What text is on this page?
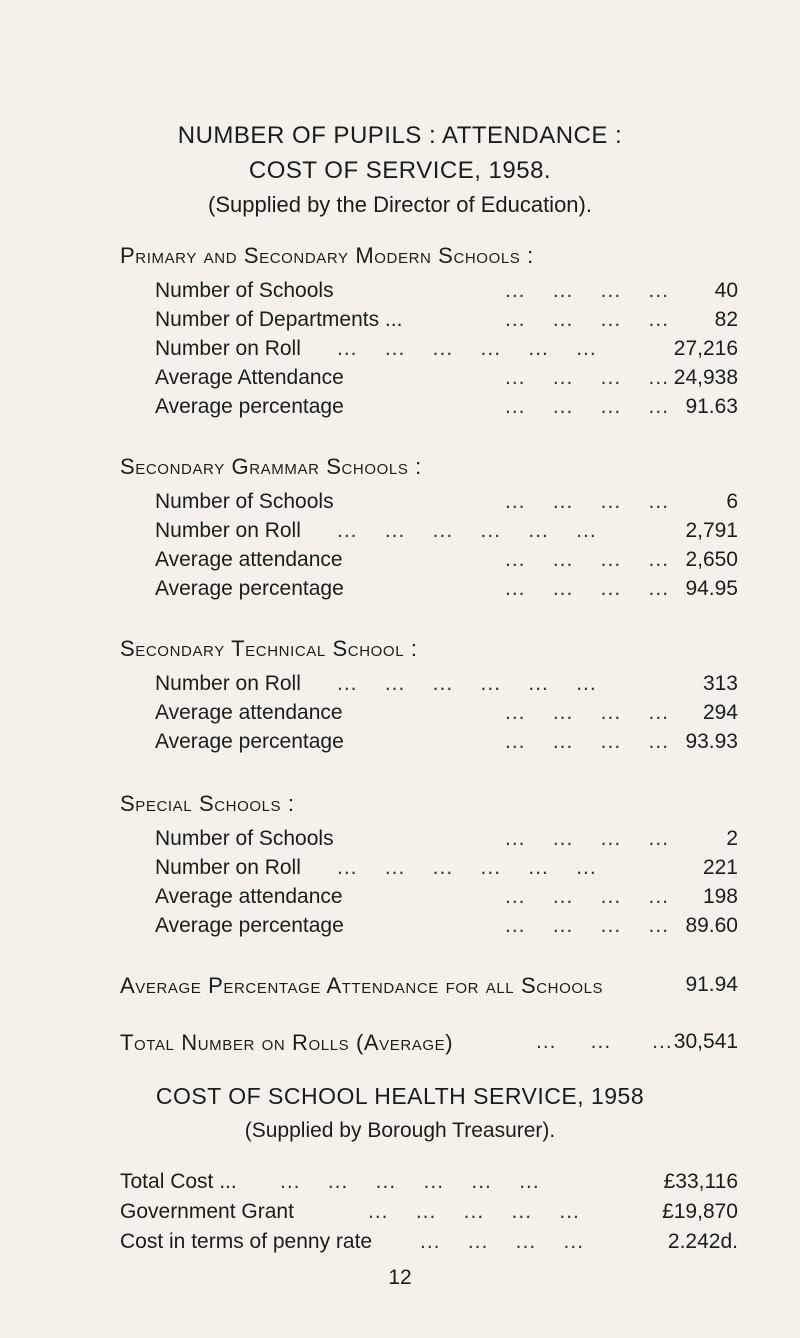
NUMBER OF PUPILS : ATTENDANCE :
COST OF SERVICE, 1958.
(Supplied by the Director of Education).
Primary and Secondary Modern Schools :
Number of Schools	...    ...    ...    ... 40
Number of Departments ...	...    ...    ...    ... 82
Number on Roll ...    ...    ...    ...    ...    ...	27,216
Average Attendance	...    ...    ...    ... 24,938
Average percentage	...    ...    ...    ... 91.63
Secondary Grammar Schools :
Number of Schools	...    ...    ...    ...	6
Number on Roll ...    ...    ...    ...    ...    ...	2,791
Average attendance	...    ...    ...    ... 2,650
Average percentage	...    ...    ...    ... 94.95
Secondary Technical School :
Number on Roll ...    ...    ...    ...    ...    ...	313
Average attendance	...    ...    ...    ... 294
Average percentage	...    ...    ...    ... 93.93
Special Schools :
Number of Schools	...    ...    ...    ...	2
Number on Roll ...    ...    ...    ...    ...    ...	221
Average attendance	...    ...    ...    ... 198
Average percentage	...    ...    ...    ... 89.60
Average Percentage Attendance for all Schools	91.94
Total Number on Rolls (Average)	...     ...      ... 30,541
COST OF SCHOOL HEALTH SERVICE, 1958
(Supplied by Borough Treasurer).
Total Cost ... ...    ...    ...    ...    ...    ...	£33,116
Government Grant	...    ...    ...    ...    ...	£19,870
Cost in terms of penny rate ...    ...    ...    ...	2.242d.
12
